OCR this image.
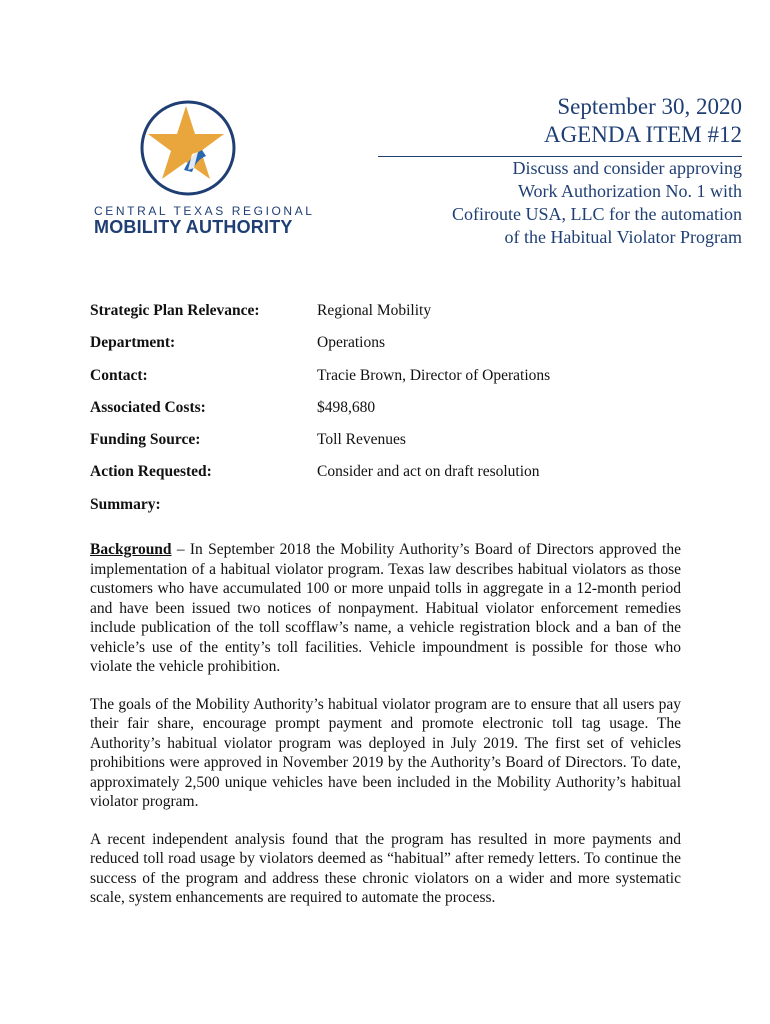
CENTRAL TEXAS REGIONAL
MOBILITY AUTHORITY
September 30, 2020
AGENDA ITEM #12
Discuss and consider approving
Work Authorization No. 1 with
Cofiroute USA, LLC for the automation
of the Habitual Violator Program
Strategic Plan Relevance:	Regional Mobility
Department:	Operations
Contact:	Tracie Brown, Director of Operations
Associated Costs:	$498,680
Funding Source:	Toll Revenues
Action Requested:	Consider and act on draft resolution
Summary:

Background – In September 2018 the Mobility Authority’s Board of Directors approved the implementation of a habitual violator program. Texas law describes habitual violators as those customers who have accumulated 100 or more unpaid tolls in aggregate in a 12-month period and have been issued two notices of nonpayment. Habitual violator enforcement remedies include publication of the toll scofflaw’s name, a vehicle registration block and a ban of the vehicle’s use of the entity’s toll facilities. Vehicle impoundment is possible for those who violate the vehicle prohibition.

The goals of the Mobility Authority’s habitual violator program are to ensure that all users pay their fair share, encourage prompt payment and promote electronic toll tag usage. The Authority’s habitual violator program was deployed in July 2019. The first set of vehicles prohibitions were approved in November 2019 by the Authority’s Board of Directors. To date, approximately 2,500 unique vehicles have been included in the Mobility Authority’s habitual violator program.

A recent independent analysis found that the program has resulted in more payments and reduced toll road usage by violators deemed as “habitual” after remedy letters. To continue the success of the program and address these chronic violators on a wider and more systematic scale, system enhancements are required to automate the process.
